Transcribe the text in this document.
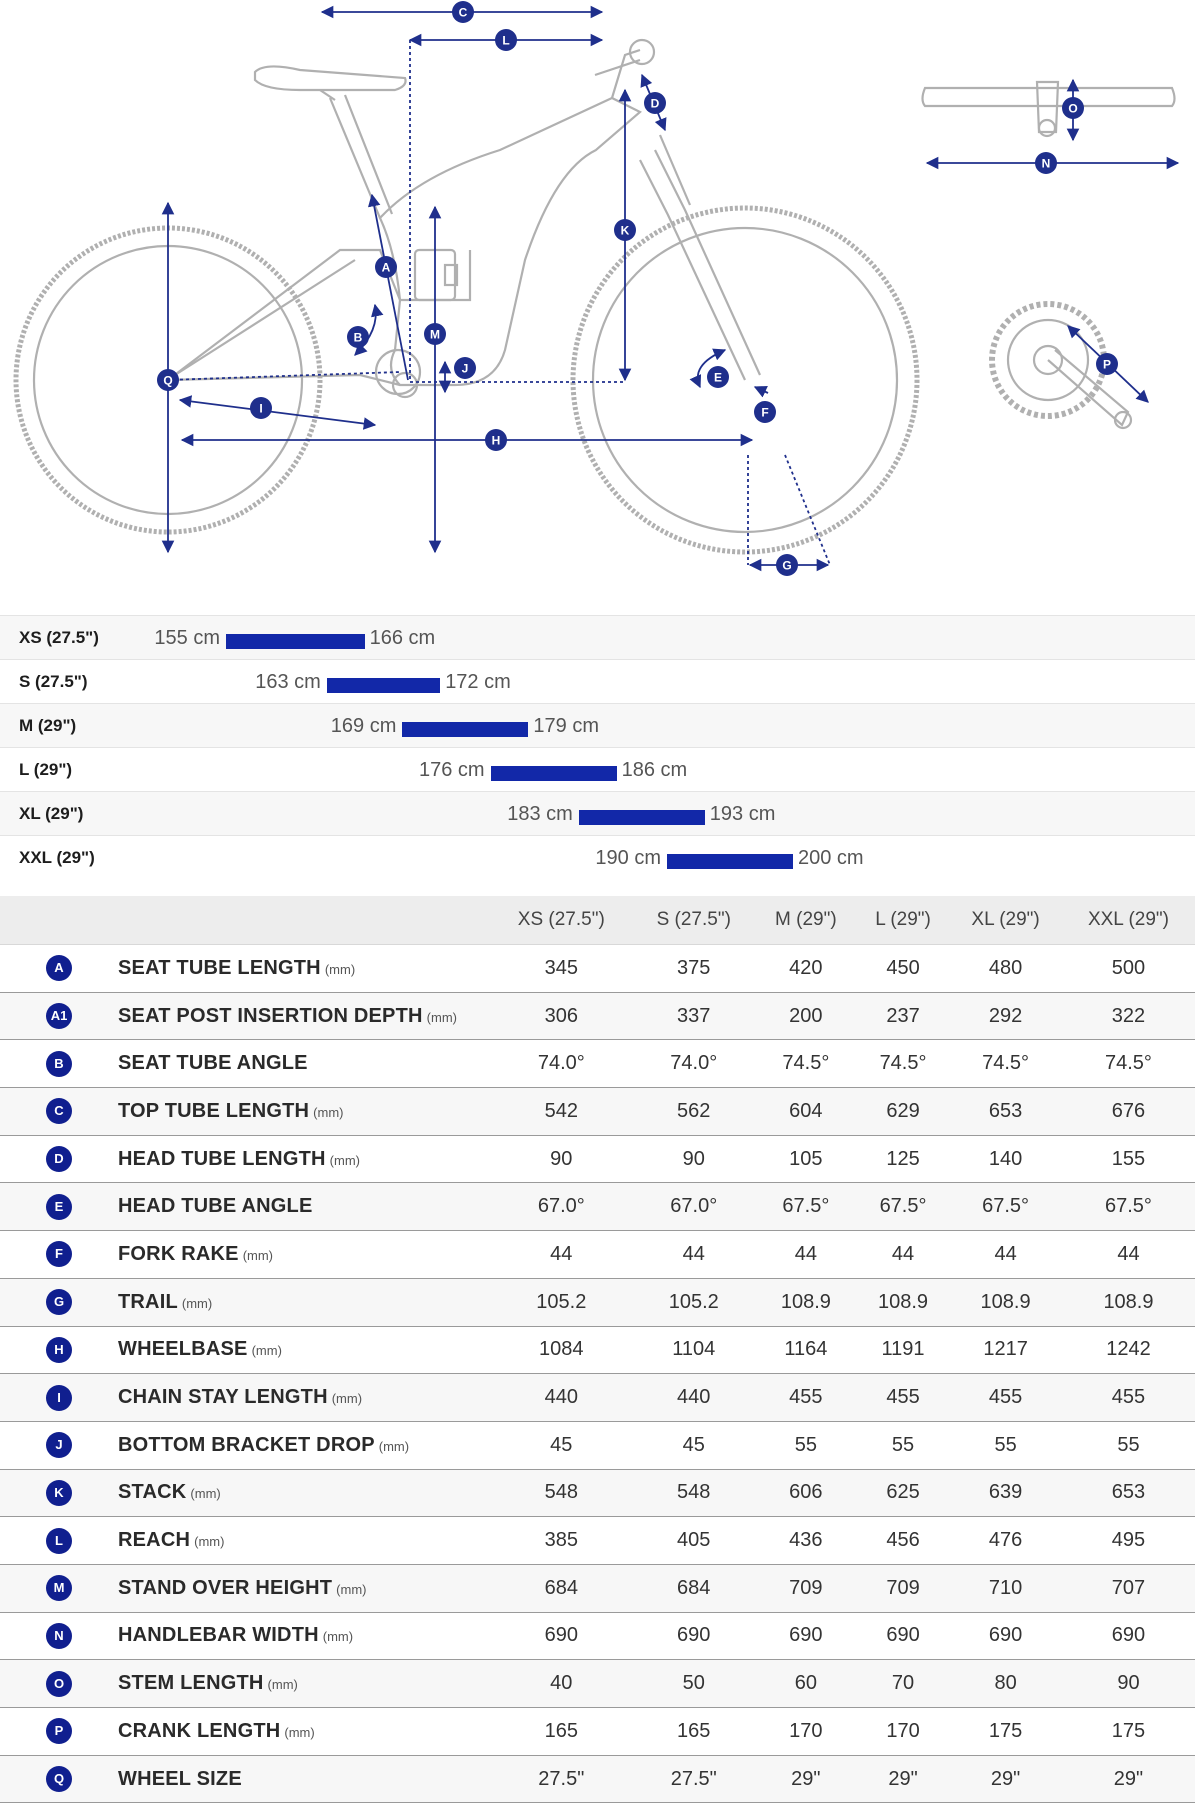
C
L
D
K
A
M
B
J
Q
I
H
E
F
G
O
N
P
XS (27.5")	155 cm	166 cm
S (27.5")	163 cm	172 cm
M (29")	169 cm	179 cm
L (29")	176 cm	186 cm
XL (29")	183 cm	193 cm
XXL (29")	190 cm	200 cm
		XS (27.5")	S (27.5")	M (29")	L (29")	XL (29")	XXL (29")
A	SEAT TUBE LENGTH (mm)	345	375	420	450	480	500
A1	SEAT POST INSERTION DEPTH (mm)	306	337	200	237	292	322
B	SEAT TUBE ANGLE	74.0°	74.0°	74.5°	74.5°	74.5°	74.5°
C	TOP TUBE LENGTH (mm)	542	562	604	629	653	676
D	HEAD TUBE LENGTH (mm)	90	90	105	125	140	155
E	HEAD TUBE ANGLE	67.0°	67.0°	67.5°	67.5°	67.5°	67.5°
F	FORK RAKE (mm)	44	44	44	44	44	44
G	TRAIL (mm)	105.2	105.2	108.9	108.9	108.9	108.9
H	WHEELBASE (mm)	1084	1104	1164	1191	1217	1242
I	CHAIN STAY LENGTH (mm)	440	440	455	455	455	455
J	BOTTOM BRACKET DROP (mm)	45	45	55	55	55	55
K	STACK (mm)	548	548	606	625	639	653
L	REACH (mm)	385	405	436	456	476	495
M	STAND OVER HEIGHT (mm)	684	684	709	709	710	707
N	HANDLEBAR WIDTH (mm)	690	690	690	690	690	690
O	STEM LENGTH (mm)	40	50	60	70	80	90
P	CRANK LENGTH (mm)	165	165	170	170	175	175
Q	WHEEL SIZE	27.5"	27.5"	29"	29"	29"	29"
